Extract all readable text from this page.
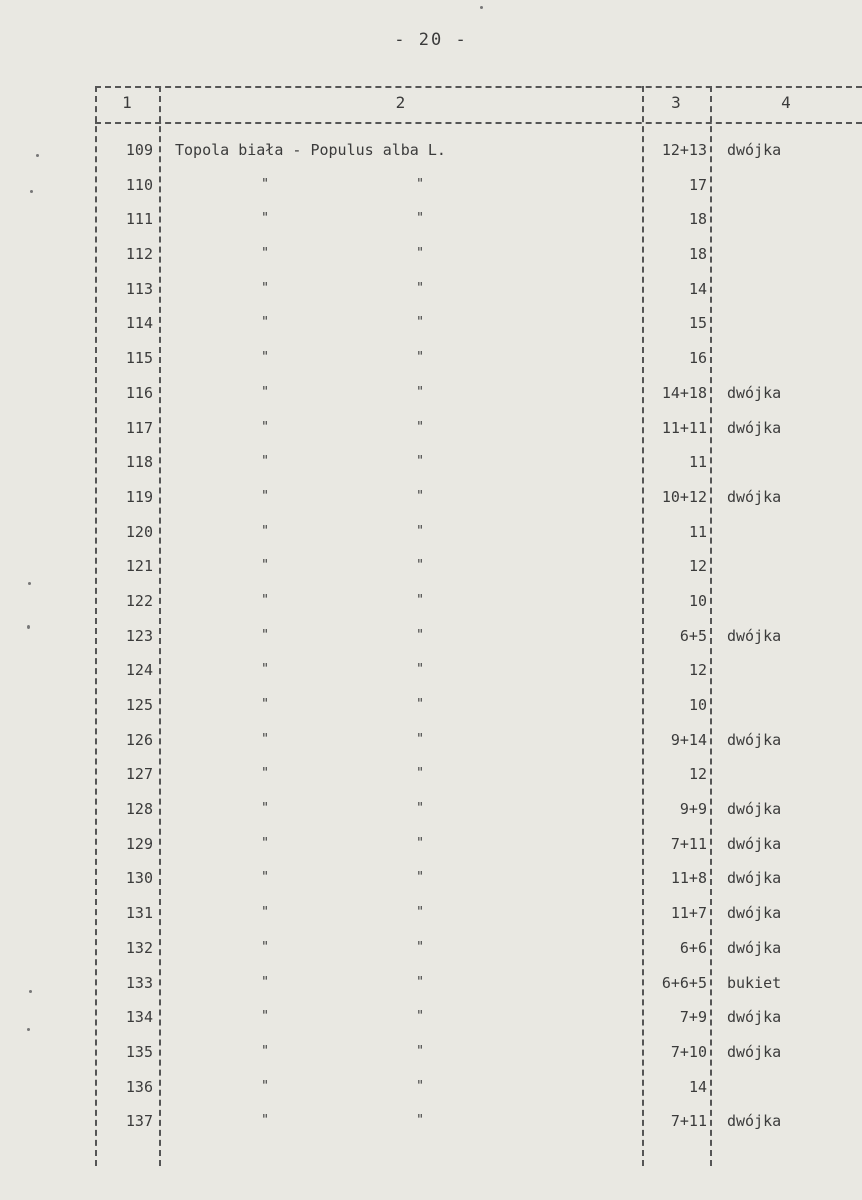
- 20 -
1	2	3	4
109 Topola biała - Populus alba L.	12+13 dwójka
110	"	"	17
111	"	"	18
112	"	"	18
113	"	"	14
114	"	"	15
115	"	"	16
116	"	"	14+18 dwójka
117	"	"	11+11 dwójka
118	"	"	11
119	"	"	10+12 dwójka
120	"	"	11
121	"	"	12
122	"	"	10
123	"	"	6+5 dwójka
124	"	"	12
125	"	"	10
126	"	"	9+14 dwójka
127	"	"	12
128	"	"	9+9 dwójka
129	"	"	7+11 dwójka
130	"	"	11+8 dwójka
131	"	"	11+7 dwójka
132	"	"	6+6 dwójka
133	"	"	6+6+5 bukiet
134	"	"	7+9 dwójka
135	"	"	7+10 dwójka
136	"	"	14
137	"	"	7+11 dwójka
